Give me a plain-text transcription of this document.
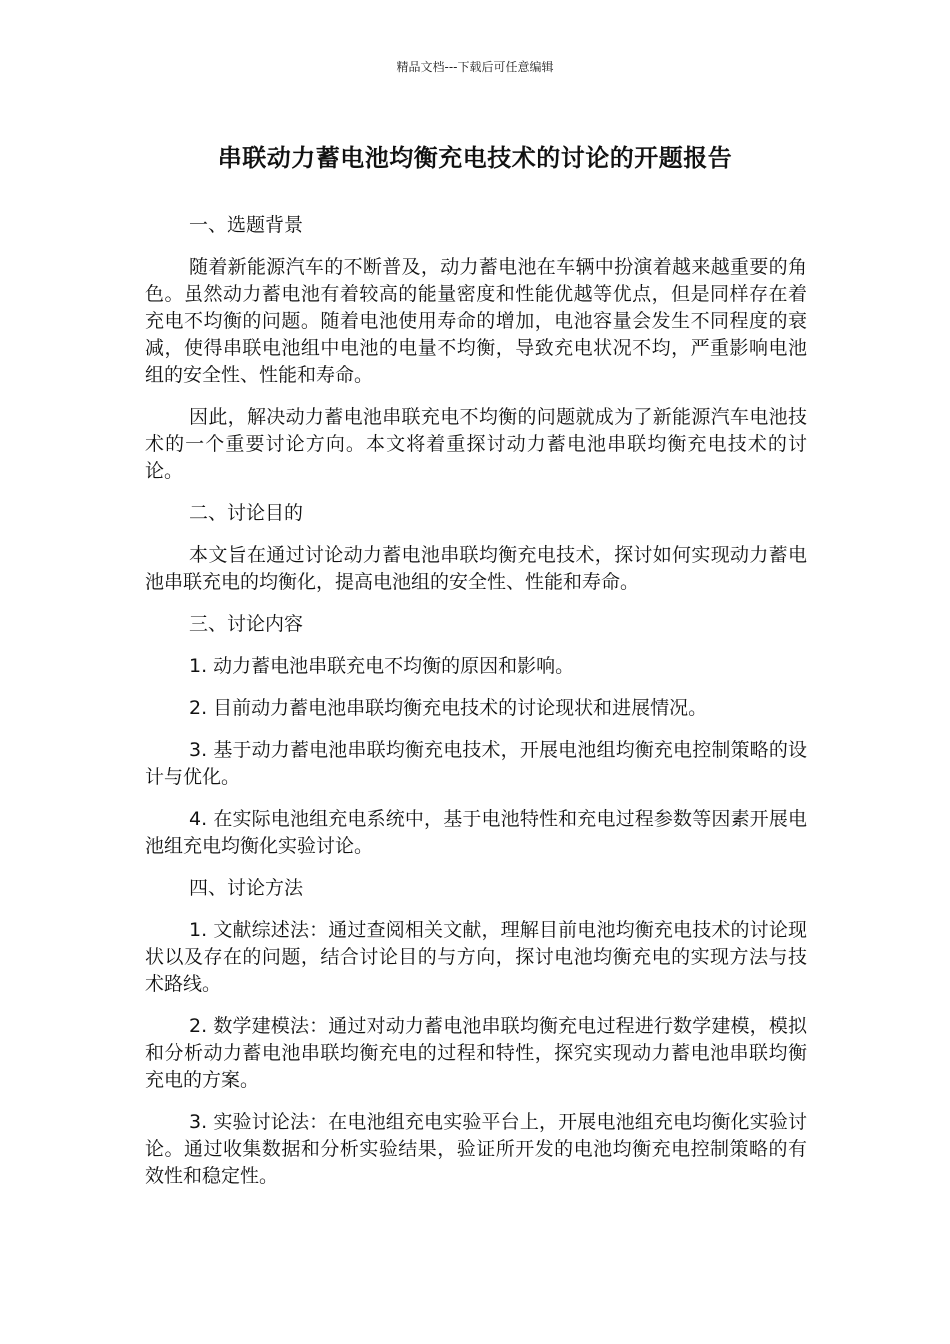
精品文档---下载后可任意编辑
串联动力蓄电池均衡充电技术的讨论的开题报告
一、选题背景

随着新能源汽车的不断普及，动力蓄电池在车辆中扮演着越来越重要的角色。虽然动力蓄电池有着较高的能量密度和性能优越等优点，但是同样存在着充电不均衡的问题。随着电池使用寿命的增加，电池容量会发生不同程度的衰减，使得串联电池组中电池的电量不均衡，导致充电状况不均，严重影响电池组的安全性、性能和寿命。

因此，解决动力蓄电池串联充电不均衡的问题就成为了新能源汽车电池技术的一个重要讨论方向。本文将着重探讨动力蓄电池串联均衡充电技术的讨论。

二、讨论目的

本文旨在通过讨论动力蓄电池串联均衡充电技术，探讨如何实现动力蓄电池串联充电的均衡化，提高电池组的安全性、性能和寿命。

三、讨论内容

1. 动力蓄电池串联充电不均衡的原因和影响。

2. 目前动力蓄电池串联均衡充电技术的讨论现状和进展情况。

3. 基于动力蓄电池串联均衡充电技术，开展电池组均衡充电控制策略的设计与优化。

4. 在实际电池组充电系统中，基于电池特性和充电过程参数等因素开展电池组充电均衡化实验讨论。

四、讨论方法

1. 文献综述法：通过查阅相关文献，理解目前电池均衡充电技术的讨论现状以及存在的问题，结合讨论目的与方向，探讨电池均衡充电的实现方法与技术路线。

2. 数学建模法：通过对动力蓄电池串联均衡充电过程进行数学建模，模拟和分析动力蓄电池串联均衡充电的过程和特性，探究实现动力蓄电池串联均衡充电的方案。

3. 实验讨论法：在电池组充电实验平台上，开展电池组充电均衡化实验讨论。通过收集数据和分析实验结果，验证所开发的电池均衡充电控制策略的有效性和稳定性。
